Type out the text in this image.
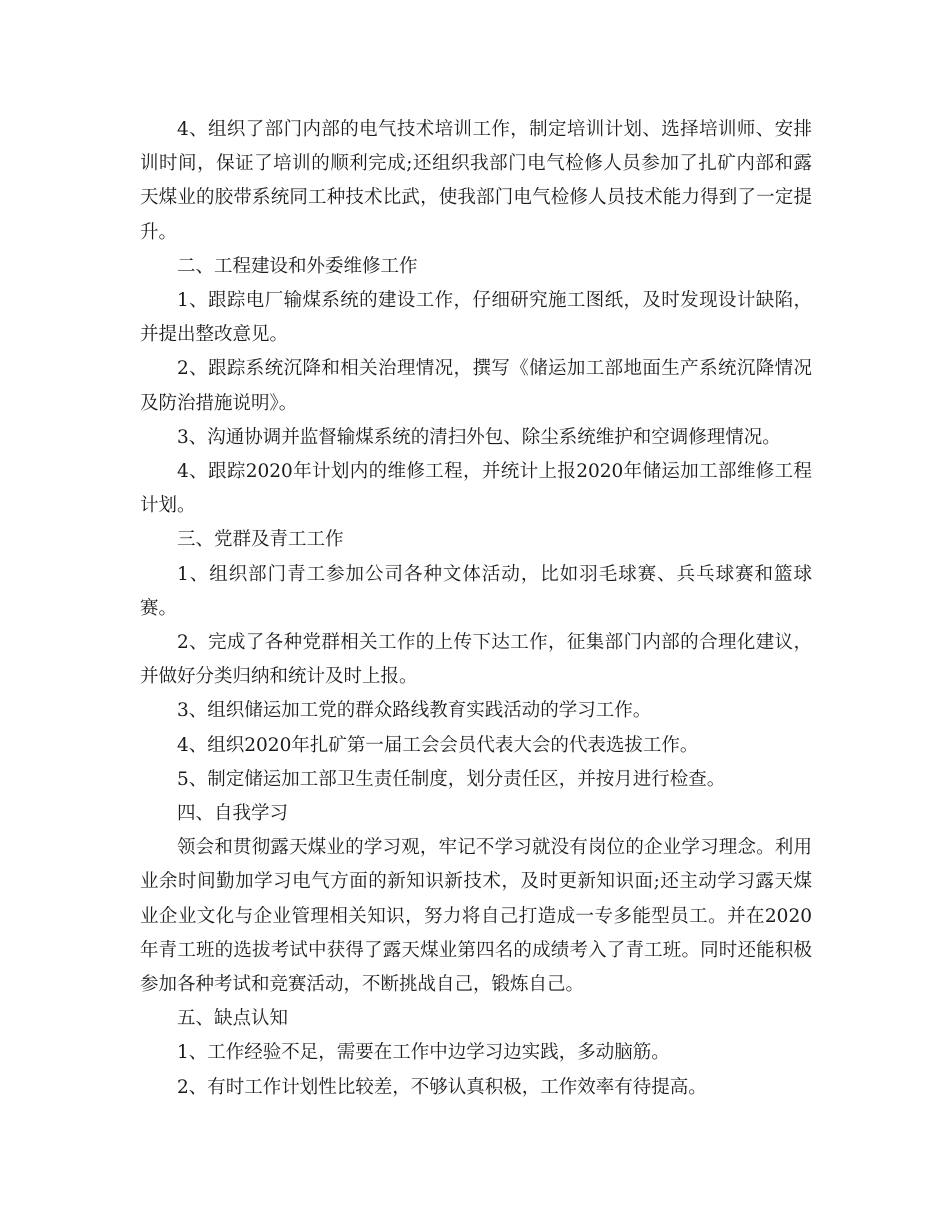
4、组织了部门内部的电气技术培训工作，制定培训计划、选择培训师、安排训时间，保证了培训的顺利完成;还组织我部门电气检修人员参加了扎矿内部和露天煤业的胶带系统同工种技术比武，使我部门电气检修人员技术能力得到了一定提升。

二、工程建设和外委维修工作

1、跟踪电厂输煤系统的建设工作，仔细研究施工图纸，及时发现设计缺陷，并提出整改意见。

2、跟踪系统沉降和相关治理情况，撰写《储运加工部地面生产系统沉降情况及防治措施说明》。

3、沟通协调并监督输煤系统的清扫外包、除尘系统维护和空调修理情况。

4、跟踪2020年计划内的维修工程，并统计上报2020年储运加工部维修工程计划。

三、党群及青工工作

1、组织部门青工参加公司各种文体活动，比如羽毛球赛、兵乓球赛和篮球赛。

2、完成了各种党群相关工作的上传下达工作，征集部门内部的合理化建议，并做好分类归纳和统计及时上报。

3、组织储运加工党的群众路线教育实践活动的学习工作。

4、组织2020年扎矿第一届工会会员代表大会的代表选拔工作。

5、制定储运加工部卫生责任制度，划分责任区，并按月进行检查。

四、自我学习

领会和贯彻露天煤业的学习观，牢记不学习就没有岗位的企业学习理念。利用业余时间勤加学习电气方面的新知识新技术，及时更新知识面;还主动学习露天煤业企业文化与企业管理相关知识，努力将自己打造成一专多能型员工。并在2020年青工班的选拔考试中获得了露天煤业第四名的成绩考入了青工班。同时还能积极参加各种考试和竞赛活动，不断挑战自己，锻炼自己。

五、缺点认知

1、工作经验不足，需要在工作中边学习边实践，多动脑筋。

2、有时工作计划性比较差，不够认真积极，工作效率有待提高。
